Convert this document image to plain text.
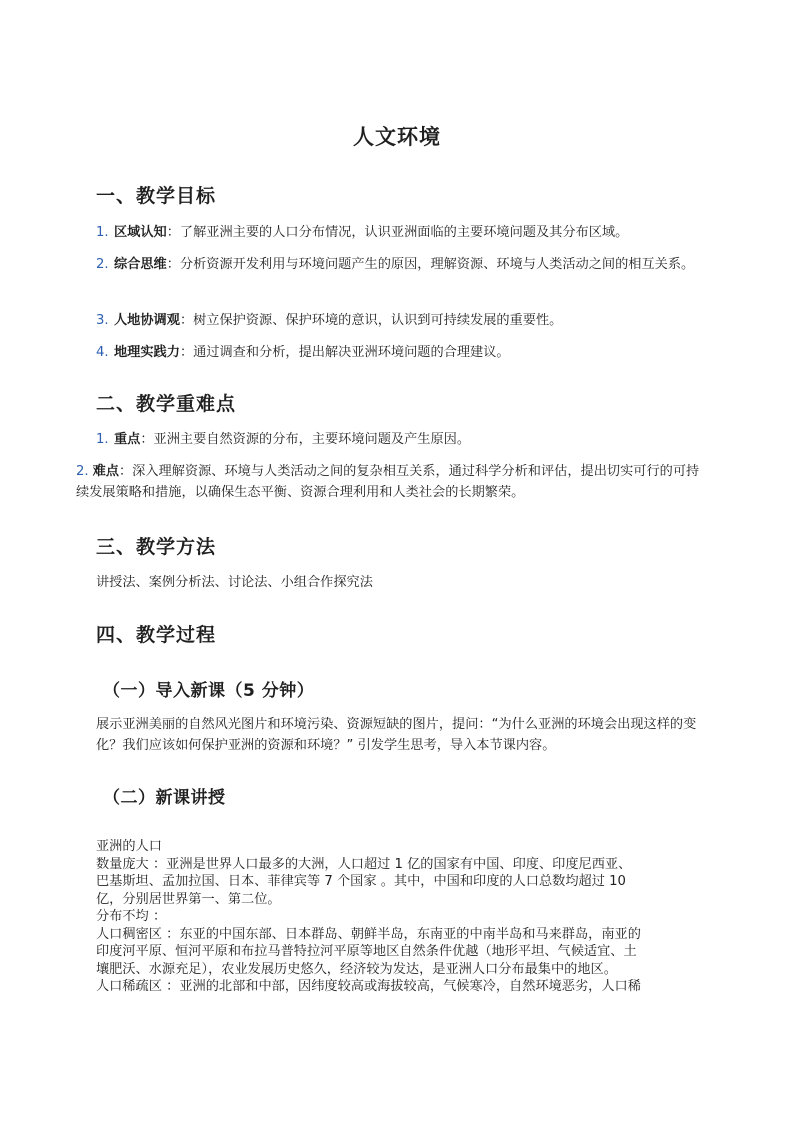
人文环境
一、教学目标
1. 区域认知：了解亚洲主要的人口分布情况，认识亚洲面临的主要环境问题及其分布区域。
2. 综合思维：分析资源开发利用与环境问题产生的原因，理解资源、环境与人类活动之间的相互关系。
3. 人地协调观：树立保护资源、保护环境的意识，认识到可持续发展的重要性。
4. 地理实践力：通过调查和分析，提出解决亚洲环境问题的合理建议。
二、教学重难点
1. 重点：亚洲主要自然资源的分布，主要环境问题及产生原因。
2. 难点：深入理解资源、环境与人类活动之间的复杂相互关系，通过科学分析和评估，提出切实可行的可持续发展策略和措施，以确保生态平衡、资源合理利用和人类社会的长期繁荣。
三、教学方法
讲授法、案例分析法、讨论法、小组合作探究法
四、教学过程
（一）导入新课（5 分钟）
展示亚洲美丽的自然风光图片和环境污染、资源短缺的图片，提问：“为什么亚洲的环境会出现这样的变化？我们应该如何保护亚洲的资源和环境？” 引发学生思考，导入本节课内容。
（二）新课讲授
亚洲的人口
数量庞大 ：亚洲是世界人口最多的大洲，人口超过 1 亿的国家有中国、印度、印度尼西亚、
巴基斯坦、孟加拉国、日本、菲律宾等 7 个国家 。其中，中国和印度的人口总数均超过 10
亿，分别居世界第一、第二位。
分布不均 ：
人口稠密区 ：东亚的中国东部、日本群岛、朝鲜半岛，东南亚的中南半岛和马来群岛，南亚的
印度河平原、恒河平原和布拉马普特拉河平原等地区自然条件优越（地形平坦、气候适宜、土
壤肥沃、水源充足），农业发展历史悠久，经济较为发达，是亚洲人口分布最集中的地区。
人口稀疏区 ：亚洲的北部和中部，因纬度较高或海拔较高，气候寒冷，自然环境恶劣，人口稀
